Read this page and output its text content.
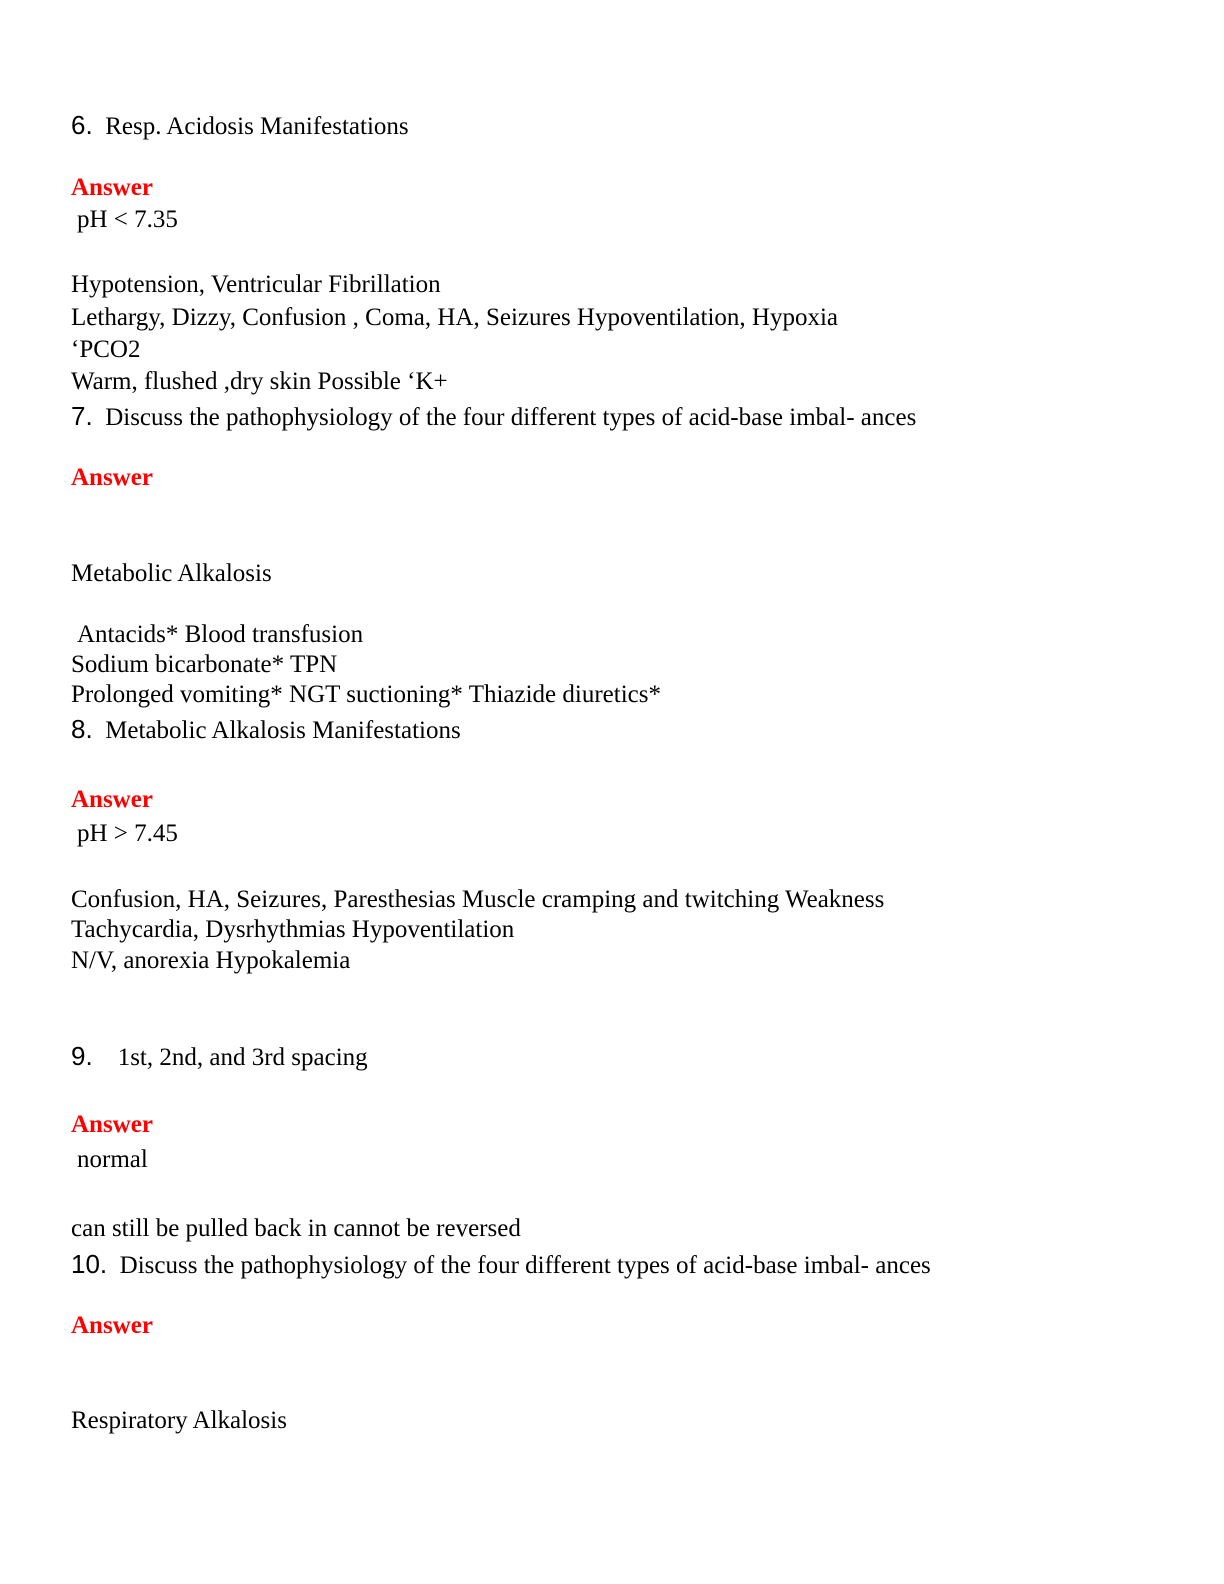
6. Resp. Acidosis Manifestations
Answer
pH < 7.35
Hypotension, Ventricular Fibrillation
Lethargy, Dizzy, Confusion , Coma, HA, Seizures Hypoventilation, Hypoxia
‘PCO2
Warm, flushed ,dry skin Possible ‘K+
7. Discuss the pathophysiology of the four different types of acid-base imbal- ances
Answer
Metabolic Alkalosis
Antacids* Blood transfusion
Sodium bicarbonate* TPN
Prolonged vomiting* NGT suctioning* Thiazide diuretics*
8. Metabolic Alkalosis Manifestations
Answer
pH > 7.45
Confusion, HA, Seizures, Paresthesias Muscle cramping and twitching Weakness
Tachycardia, Dysrhythmias Hypoventilation
N/V, anorexia Hypokalemia
9. 1st, 2nd, and 3rd spacing
Answer
normal
can still be pulled back in cannot be reversed
10. Discuss the pathophysiology of the four different types of acid-base imbal- ances
Answer
Respiratory Alkalosis
